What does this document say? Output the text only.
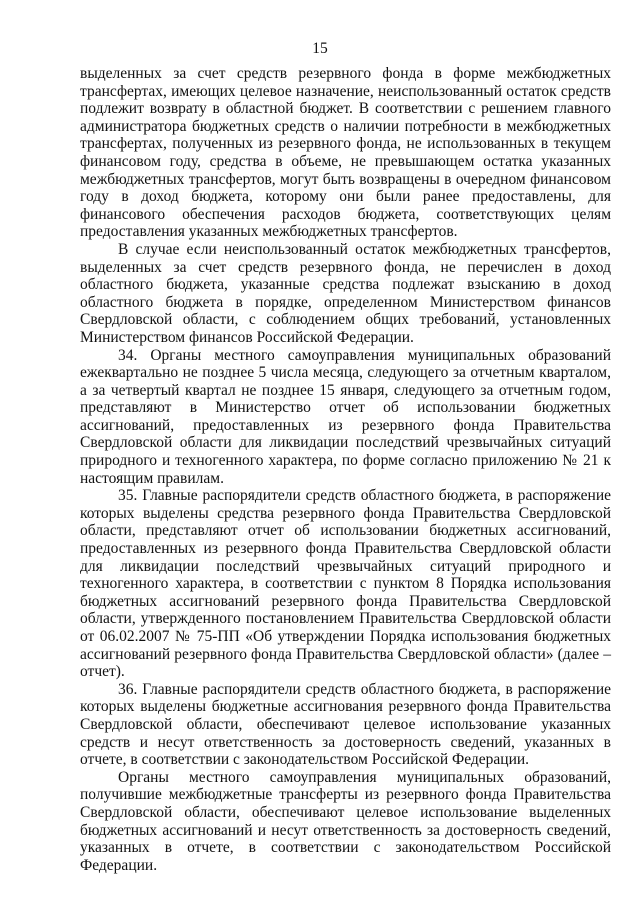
15

выделенных за счет средств резервного фонда в форме межбюджетных трансфертах, имеющих целевое назначение, неиспользованный остаток средств подлежит возврату в областной бюджет. В соответствии с решением главного администратора бюджетных средств о наличии потребности в межбюджетных трансфертах, полученных из резервного фонда, не использованных в текущем финансовом году, средства в объеме, не превышающем остатка указанных межбюджетных трансфертов, могут быть возвращены в очередном финансовом году в доход бюджета, которому они были ранее предоставлены, для финансового обеспечения расходов бюджета, соответствующих целям предоставления указанных межбюджетных трансфертов.

В случае если неиспользованный остаток межбюджетных трансфертов, выделенных за счет средств резервного фонда, не перечислен в доход областного бюджета, указанные средства подлежат взысканию в доход областного бюджета в порядке, определенном Министерством финансов Свердловской области, с соблюдением общих требований, установленных Министерством финансов Российской Федерации.

34. Органы местного самоуправления муниципальных образований ежеквартально не позднее 5 числа месяца, следующего за отчетным кварталом, а за четвертый квартал не позднее 15 января, следующего за отчетным годом, представляют в Министерство отчет об использовании бюджетных ассигнований, предоставленных из резервного фонда Правительства Свердловской области для ликвидации последствий чрезвычайных ситуаций природного и техногенного характера, по форме согласно приложению № 21 к настоящим правилам.

35. Главные распорядители средств областного бюджета, в распоряжение которых выделены средства резервного фонда Правительства Свердловской области, представляют отчет об использовании бюджетных ассигнований, предоставленных из резервного фонда Правительства Свердловской области для ликвидации последствий чрезвычайных ситуаций природного и техногенного характера, в соответствии с пунктом 8 Порядка использования бюджетных ассигнований резервного фонда Правительства Свердловской области, утвержденного постановлением Правительства Свердловской области от 06.02.2007 № 75-ПП «Об утверждении Порядка использования бюджетных ассигнований резервного фонда Правительства Свердловской области» (далее – отчет).

36. Главные распорядители средств областного бюджета, в распоряжение которых выделены бюджетные ассигнования резервного фонда Правительства Свердловской области, обеспечивают целевое использование указанных средств и несут ответственность за достоверность сведений, указанных в отчете, в соответствии с законодательством Российской Федерации.

Органы местного самоуправления муниципальных образований, получившие межбюджетные трансферты из резервного фонда Правительства Свердловской области, обеспечивают целевое использование выделенных бюджетных ассигнований и несут ответственность за достоверность сведений, указанных в отчете, в соответствии с законодательством Российской Федерации.
